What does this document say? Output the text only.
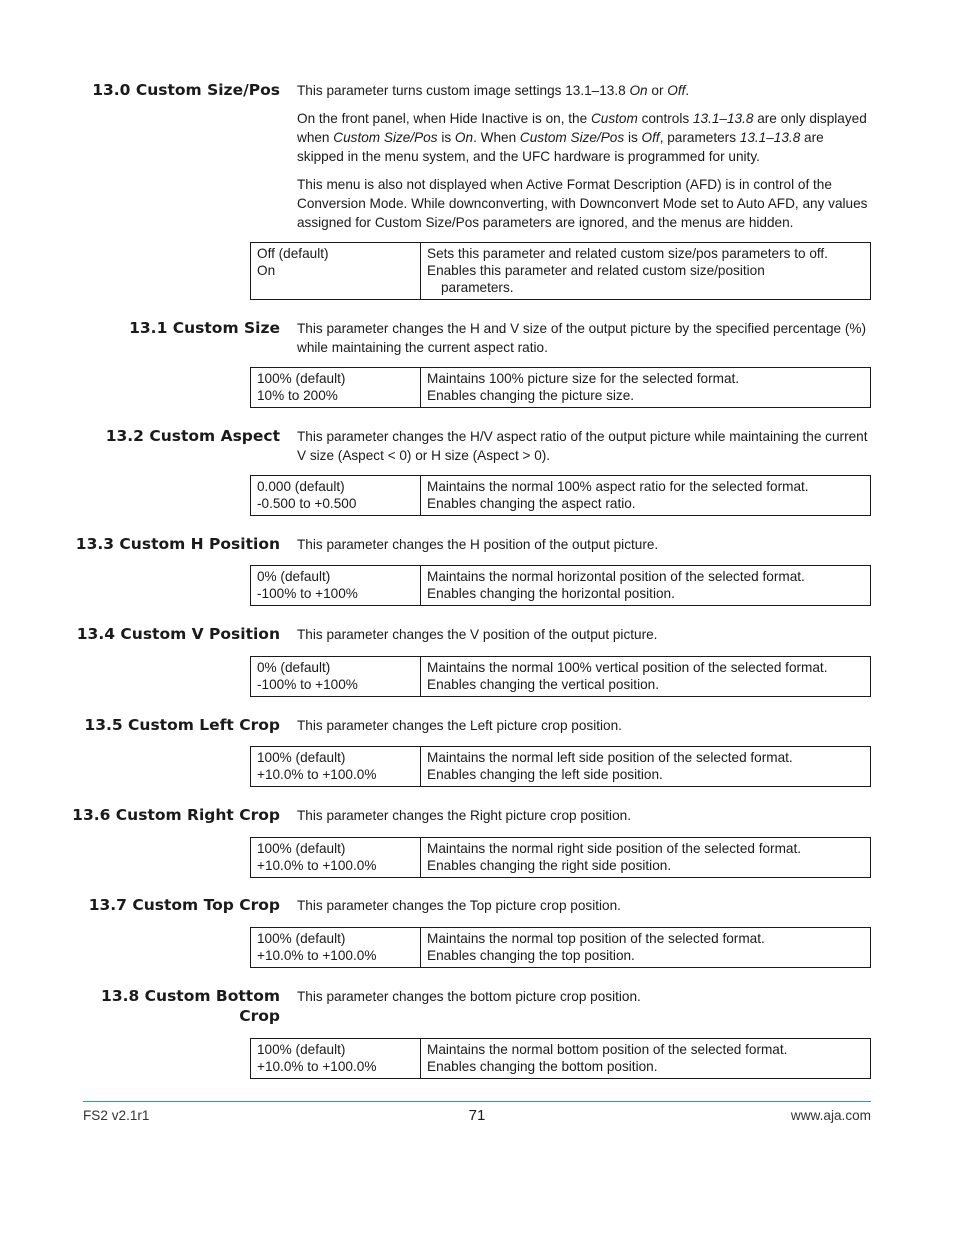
13.0 Custom Size/Pos This parameter turns custom image settings 13.1–13.8 On or Off.
On the front panel, when Hide Inactive is on, the Custom controls 13.1–13.8 are only displayed when Custom Size/Pos is On. When Custom Size/Pos is Off, parameters 13.1–13.8 are skipped in the menu system, and the UFC hardware is programmed for unity.
This menu is also not displayed when Active Format Description (AFD) is in control of the Conversion Mode. While downconverting, with Downconvert Mode set to Auto AFD, any values assigned for Custom Size/Pos parameters are ignored, and the menus are hidden.
Off (default)
On
Sets this parameter and related custom size/pos parameters to off.
Enables this parameter and related custom size/position
parameters.
13.1 Custom Size This parameter changes the H and V size of the output picture by the specified percentage (%) while maintaining the current aspect ratio.
100% (default)
10% to 200%
Maintains 100% picture size for the selected format.
Enables changing the picture size.
13.2 Custom Aspect This parameter changes the H/V aspect ratio of the output picture while maintaining the current V size (Aspect < 0) or H size (Aspect > 0).
0.000 (default)
-0.500 to +0.500
Maintains the normal 100% aspect ratio for the selected format.
Enables changing the aspect ratio.
13.3 Custom H Position This parameter changes the H position of the output picture.
0% (default)
-100% to +100%
Maintains the normal horizontal position of the selected format.
Enables changing the horizontal position.
13.4 Custom V Position This parameter changes the V position of the output picture.
0% (default)
-100% to +100%
Maintains the normal 100% vertical position of the selected format.
Enables changing the vertical position.
13.5 Custom Left Crop This parameter changes the Left picture crop position.
100% (default)
+10.0% to +100.0%
Maintains the normal left side position of the selected format.
Enables changing the left side position.
13.6 Custom Right Crop This parameter changes the Right picture crop position.
100% (default)
+10.0% to +100.0%
Maintains the normal right side position of the selected format.
Enables changing the right side position.
13.7 Custom Top Crop This parameter changes the Top picture crop position.
100% (default)
+10.0% to +100.0%
Maintains the normal top position of the selected format.
Enables changing the top position.
13.8 Custom Bottom Crop
This parameter changes the bottom picture crop position.
100% (default)
+10.0% to +100.0%
Maintains the normal bottom position of the selected format.
Enables changing the bottom position.
FS2 v2.1r1	71	www.aja.com
